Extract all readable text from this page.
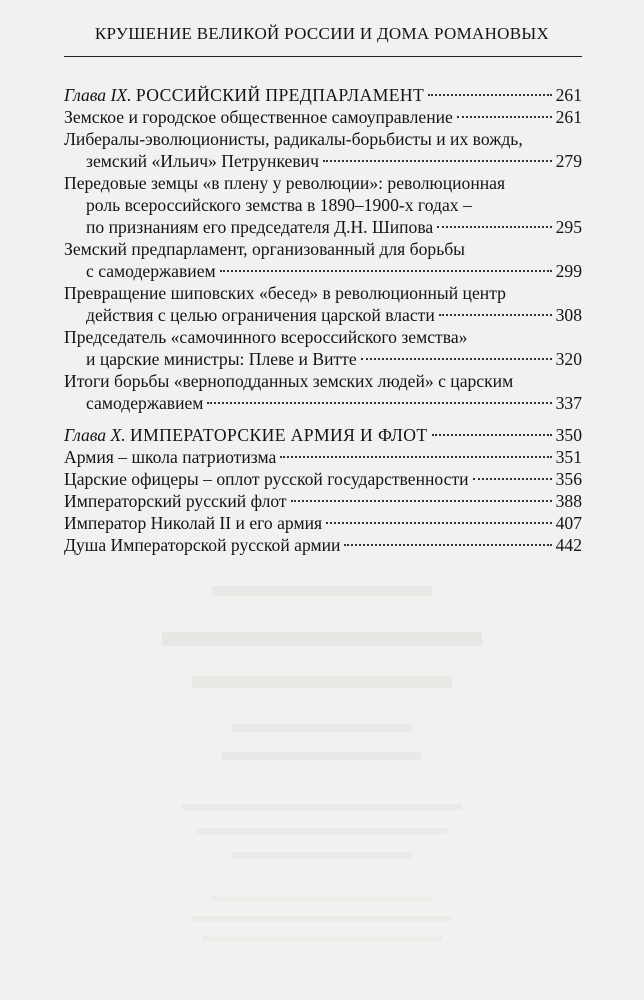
КРУШЕНИЕ ВЕЛИКОЙ РОССИИ И ДОМА РОМАНОВЫХ
Глава IX. РОССИЙСКИЙ ПРЕДПАРЛАМЕНТ	261
Земское и городское общественное самоуправление	261
Либералы-эволюционисты, радикалы-борьбисты и их вождь,
земский «Ильич» Петрункевич	279
Передовые земцы «в плену у революции»: революционная
роль всероссийского земства в 1890–1900-х годах –
по признаниям его председателя Д.Н. Шипова	295
Земский предпарламент, организованный для борьбы
с самодержавием	299
Превращение шиповских «бесед» в революционный центр
действия с целью ограничения царской власти	308
Председатель «самочинного всероссийского земства»
и царские министры: Плеве и Витте	320
Итоги борьбы «верноподданных земских людей» с царским
самодержавием	337
Глава X. ИМПЕРАТОРСКИЕ АРМИЯ И ФЛОТ	350
Армия – школа патриотизма	351
Царские офицеры – оплот русской государственности	356
Императорский русский флот	388
Император Николай II и его армия	407
Душа Императорской русской армии	442
